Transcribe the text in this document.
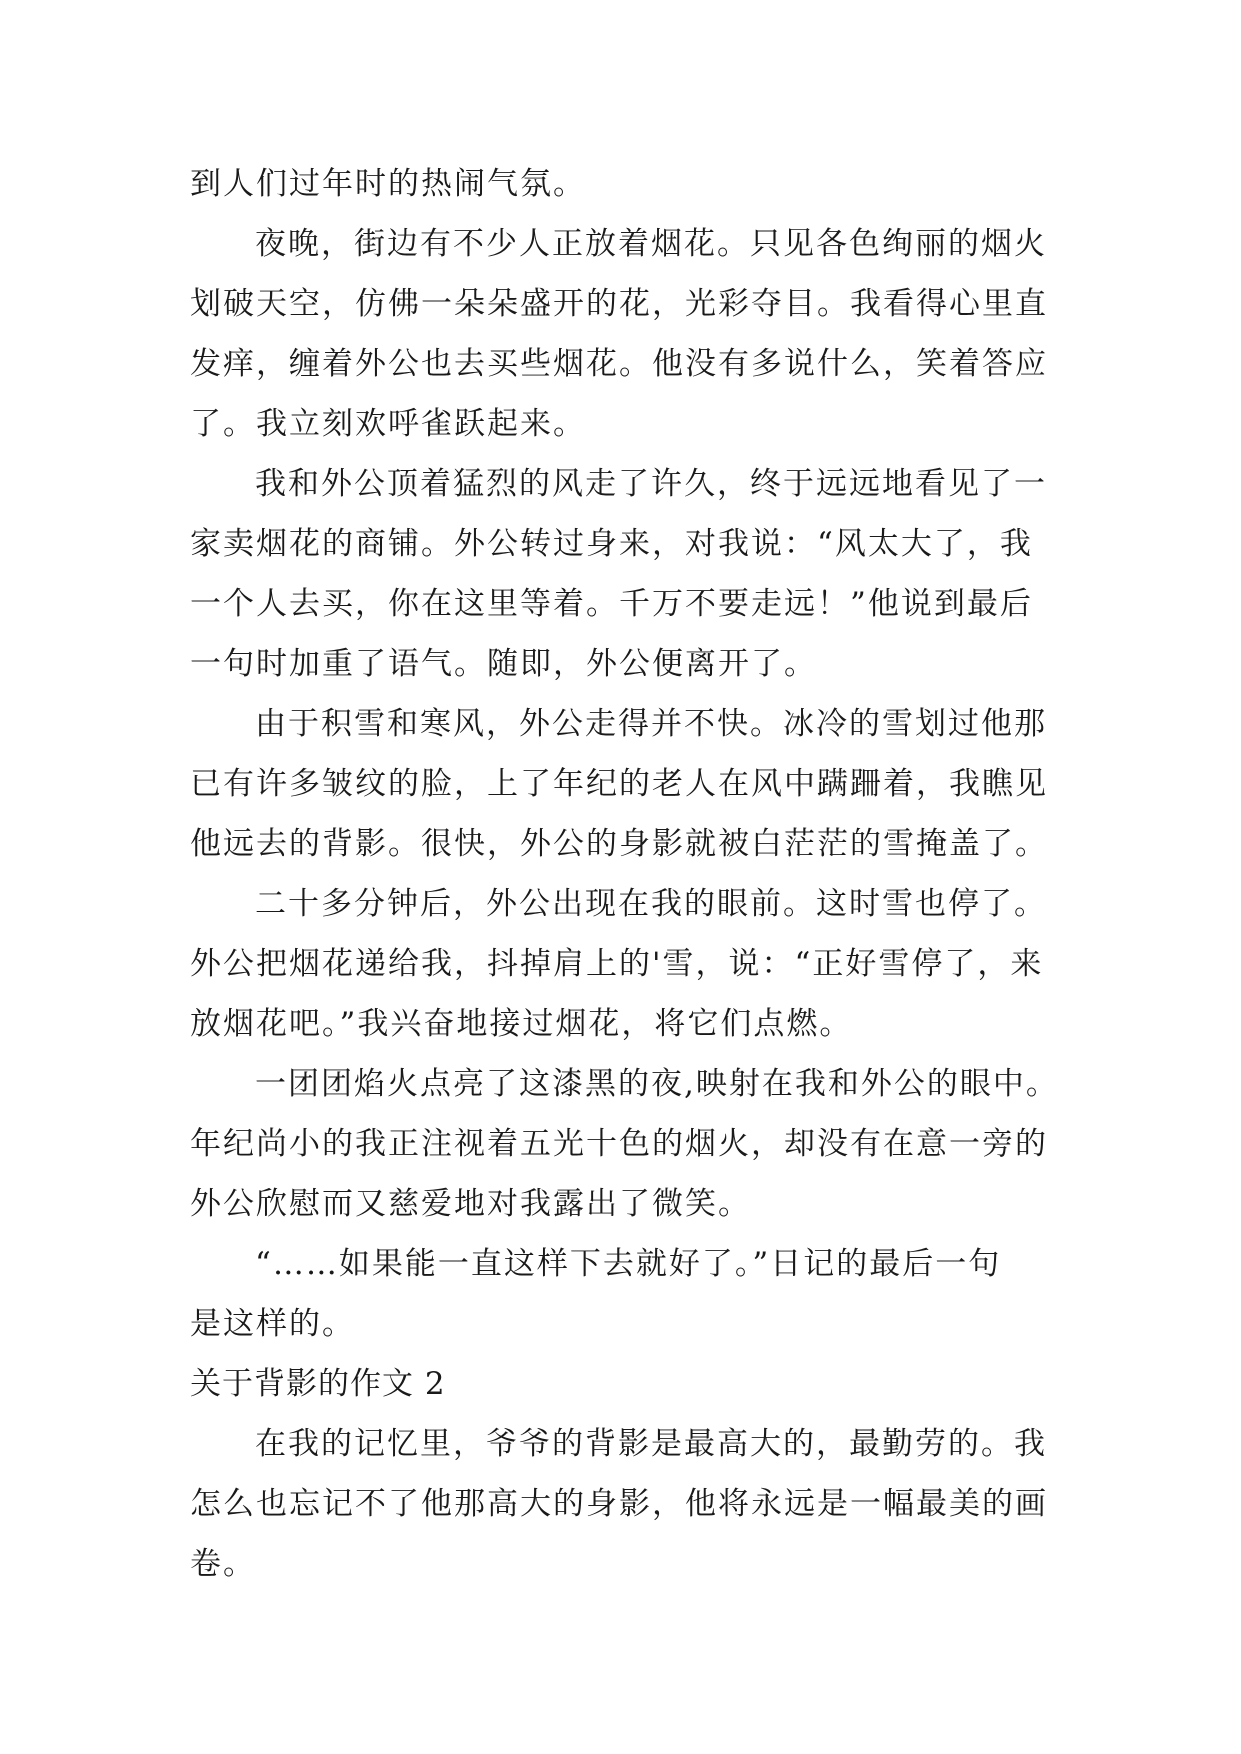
到人们过年时的热闹气氛。
夜晚，街边有不少人正放着烟花。只见各色绚丽的烟火
划破天空，仿佛一朵朵盛开的花，光彩夺目。我看得心里直
发痒，缠着外公也去买些烟花。他没有多说什么，笑着答应
了。我立刻欢呼雀跃起来。
我和外公顶着猛烈的风走了许久，终于远远地看见了一
家卖烟花的商铺。外公转过身来，对我说：“风太大了，我
一个人去买，你在这里等着。千万不要走远！”他说到最后
一句时加重了语气。随即，外公便离开了。
由于积雪和寒风，外公走得并不快。冰冷的雪划过他那
已有许多皱纹的脸，上了年纪的老人在风中蹒跚着，我瞧见
他远去的背影。很快，外公的身影就被白茫茫的雪掩盖了。
二十多分钟后，外公出现在我的眼前。这时雪也停了。
外公把烟花递给我，抖掉肩上的'雪，说：“正好雪停了，来
放烟花吧。”我兴奋地接过烟花，将它们点燃。
一团团焰火点亮了这漆黑的夜,映射在我和外公的眼中。
年纪尚小的我正注视着五光十色的烟火，却没有在意一旁的
外公欣慰而又慈爱地对我露出了微笑。
“……如果能一直这样下去就好了。”日记的最后一句
是这样的。
关于背影的作文 2
在我的记忆里，爷爷的背影是最高大的，最勤劳的。我
怎么也忘记不了他那高大的身影，他将永远是一幅最美的画
卷。
